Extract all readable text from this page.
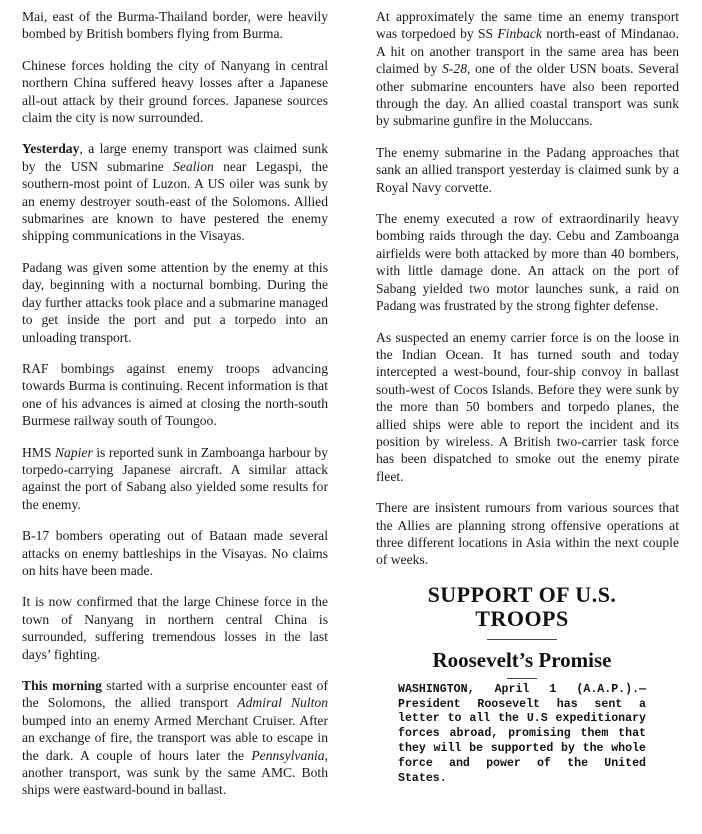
Mai, east of the Burma-Thailand border, were heavily bombed by British bombers flying from Burma.

Chinese forces holding the city of Nanyang in central northern China suffered heavy losses after a Japanese all-out attack by their ground forces. Japanese sources claim the city is now surrounded.

Yesterday, a large enemy transport was claimed sunk by the USN submarine Sealion near Legaspi, the southern-most point of Luzon. A US oiler was sunk by an enemy destroyer south-east of the Solomons. Allied submarines are known to have pestered the enemy shipping communications in the Visayas.

Padang was given some attention by the enemy at this day, beginning with a nocturnal bombing. During the day further attacks took place and a submarine managed to get inside the port and put a torpedo into an unloading transport.

RAF bombings against enemy troops advancing towards Burma is continuing. Recent information is that one of his advances is aimed at closing the north-south Burmese railway south of Toungoo.

HMS Napier is reported sunk in Zamboanga harbour by torpedo-carrying Japanese aircraft. A similar attack against the port of Sabang also yielded some results for the enemy.

B-17 bombers operating out of Bataan made several attacks on enemy battleships in the Visayas. No claims on hits have been made.

It is now confirmed that the large Chinese force in the town of Nanyang in northern central China is surrounded, suffering tremendous losses in the last days’ fighting.

This morning started with a surprise encounter east of the Solomons, the allied transport Admiral Nulton bumped into an enemy Armed Merchant Cruiser. After an exchange of fire, the transport was able to escape in the dark. A couple of hours later the Pennsylvania, another transport, was sunk by the same AMC. Both ships were eastward-bound in ballast.

At approximately the same time an enemy transport was torpedoed by SS Finback north-east of Mindanao. A hit on another transport in the same area has been claimed by S-28, one of the older USN boats. Several other submarine encounters have also been reported through the day. An allied coastal transport was sunk by submarine gunfire in the Moluccans.

The enemy submarine in the Padang approaches that sank an allied transport yesterday is claimed sunk by a Royal Navy corvette.

The enemy executed a row of extraordinarily heavy bombing raids through the day. Cebu and Zamboanga airfields were both attacked by more than 40 bombers, with little damage done. An attack on the port of Sabang yielded two motor launches sunk, a raid on Padang was frustrated by the strong fighter defense.

As suspected an enemy carrier force is on the loose in the Indian Ocean. It has turned south and today intercepted a west-bound, four-ship convoy in ballast south-west of Cocos Islands. Before they were sunk by the more than 50 bombers and torpedo planes, the allied ships were able to report the incident and its position by wireless. A British two-carrier task force has been dispatched to smoke out the enemy pirate fleet.

There are insistent rumours from various sources that the Allies are planning strong offensive operations at three different locations in Asia within the next couple of weeks.

SUPPORT OF U.S.
TROOPS
Roosevelt’s Promise
WASHINGTON, April 1 (A.A.P.).—President Roosevelt has sent a letter to all the U.S expeditionary forces abroad, promising them that they will be supported by the whole force and power of the United States.
